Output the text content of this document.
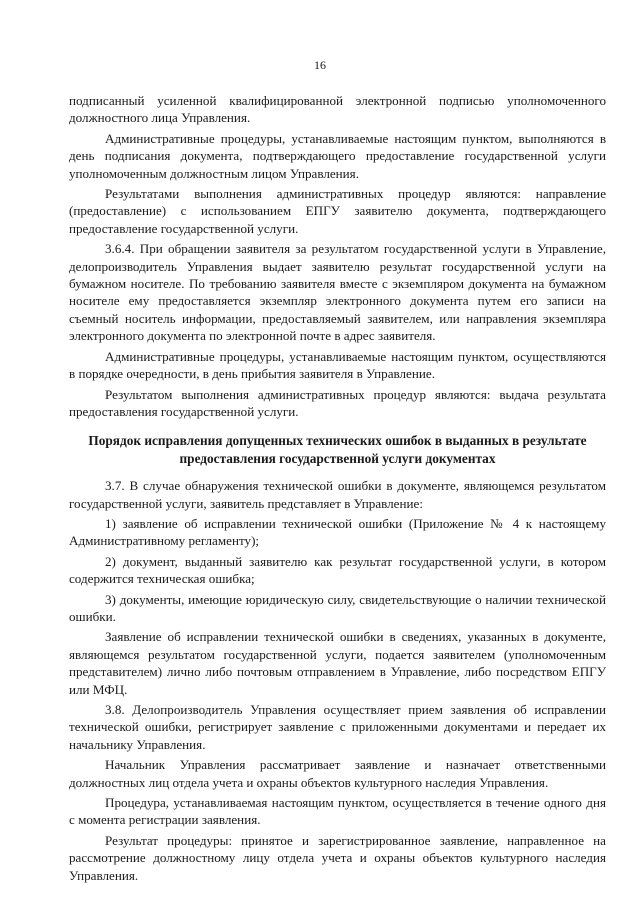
16

подписанный усиленной квалифицированной электронной подписью уполномоченного должностного лица Управления.

Административные процедуры, устанавливаемые настоящим пунктом, выполняются в день подписания документа, подтверждающего предоставление государственной услуги уполномоченным должностным лицом Управления.

Результатами выполнения административных процедур являются: направление (предоставление) с использованием ЕПГУ заявителю документа, подтверждающего предоставление государственной услуги.

3.6.4. При обращении заявителя за результатом государственной услуги в Управление, делопроизводитель Управления выдает заявителю результат государственной услуги на бумажном носителе. По требованию заявителя вместе с экземпляром документа на бумажном носителе ему предоставляется экземпляр электронного документа путем его записи на съемный носитель информации, предоставляемый заявителем, или направления экземпляра электронного документа по электронной почте в адрес заявителя.

Административные процедуры, устанавливаемые настоящим пунктом, осуществляются в порядке очередности, в день прибытия заявителя в Управление.

Результатом выполнения административных процедур являются: выдача результата предоставления государственной услуги.

Порядок исправления допущенных технических ошибок в выданных в результате предоставления государственной услуги документах

3.7. В случае обнаружения технической ошибки в документе, являющемся результатом государственной услуги, заявитель представляет в Управление:

1) заявление об исправлении технической ошибки (Приложение № 4 к настоящему Административному регламенту);

2) документ, выданный заявителю как результат государственной услуги, в котором содержится техническая ошибка;

3) документы, имеющие юридическую силу, свидетельствующие о наличии технической ошибки.

Заявление об исправлении технической ошибки в сведениях, указанных в документе, являющемся результатом государственной услуги, подается заявителем (уполномоченным представителем) лично либо почтовым отправлением в Управление, либо посредством ЕПГУ или МФЦ.

3.8. Делопроизводитель Управления осуществляет прием заявления об исправлении технической ошибки, регистрирует заявление с приложенными документами и передает их начальнику Управления.

Начальник Управления рассматривает заявление и назначает ответственными должностных лиц отдела учета и охраны объектов культурного наследия Управления.

Процедура, устанавливаемая настоящим пунктом, осуществляется в течение одного дня с момента регистрации заявления.

Результат процедуры: принятое и зарегистрированное заявление, направленное на рассмотрение должностному лицу отдела учета и охраны объектов культурного наследия Управления.
